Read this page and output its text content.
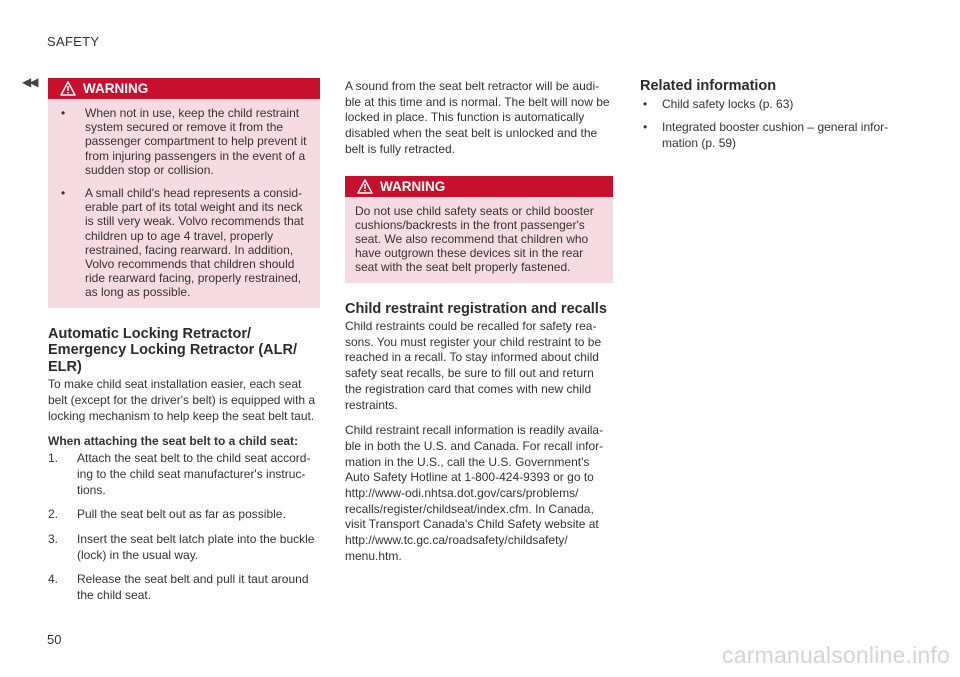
SAFETY
◀◀	WARNING
• When not in use, keep the child restraint system secured or remove it from the passenger compartment to help prevent it from injuring passengers in the event of a sudden stop or collision.
• A small child's head represents a consid-erable part of its total weight and its neck is still very weak. Volvo recommends that children up to age 4 travel, properly restrained, facing rearward. In addition, Volvo recommends that children should ride rearward facing, properly restrained, as long as possible.
Automatic Locking Retractor/ Emergency Locking Retractor (ALR/ ELR)

To make child seat installation easier, each seat belt (except for the driver's belt) is equipped with a locking mechanism to help keep the seat belt taut.

When attaching the seat belt to a child seat:
1. Attach the seat belt to the child seat accord-ing to the child seat manufacturer's instruc-tions.
2. Pull the seat belt out as far as possible.
3. Insert the seat belt latch plate into the buckle (lock) in the usual way.
4. Release the seat belt and pull it taut around the child seat.

A sound from the seat belt retractor will be audi-ble at this time and is normal. The belt will now be locked in place. This function is automatically disabled when the seat belt is unlocked and the belt is fully retracted.

WARNING

Do not use child safety seats or child booster cushions/backrests in the front passenger's seat. We also recommend that children who have outgrown these devices sit in the rear seat with the seat belt properly fastened.

Child restraint registration and recalls

Child restraints could be recalled for safety rea-sons. You must register your child restraint to be reached in a recall. To stay informed about child safety seat recalls, be sure to fill out and return the registration card that comes with new child restraints.

Child restraint recall information is readily availa-ble in both the U.S. and Canada. For recall infor-mation in the U.S., call the U.S. Government's Auto Safety Hotline at 1-800-424-9393 or go to http://www-odi.nhtsa.dot.gov/cars/problems/ recalls/register/childseat/index.cfm. In Canada, visit Transport Canada's Child Safety website at http://www.tc.gc.ca/roadsafety/childsafety/ menu.htm.

Related information
• Child safety locks (p. 63)
• Integrated booster cushion – general infor-mation (p. 59)
50
carmanualsonline.info
